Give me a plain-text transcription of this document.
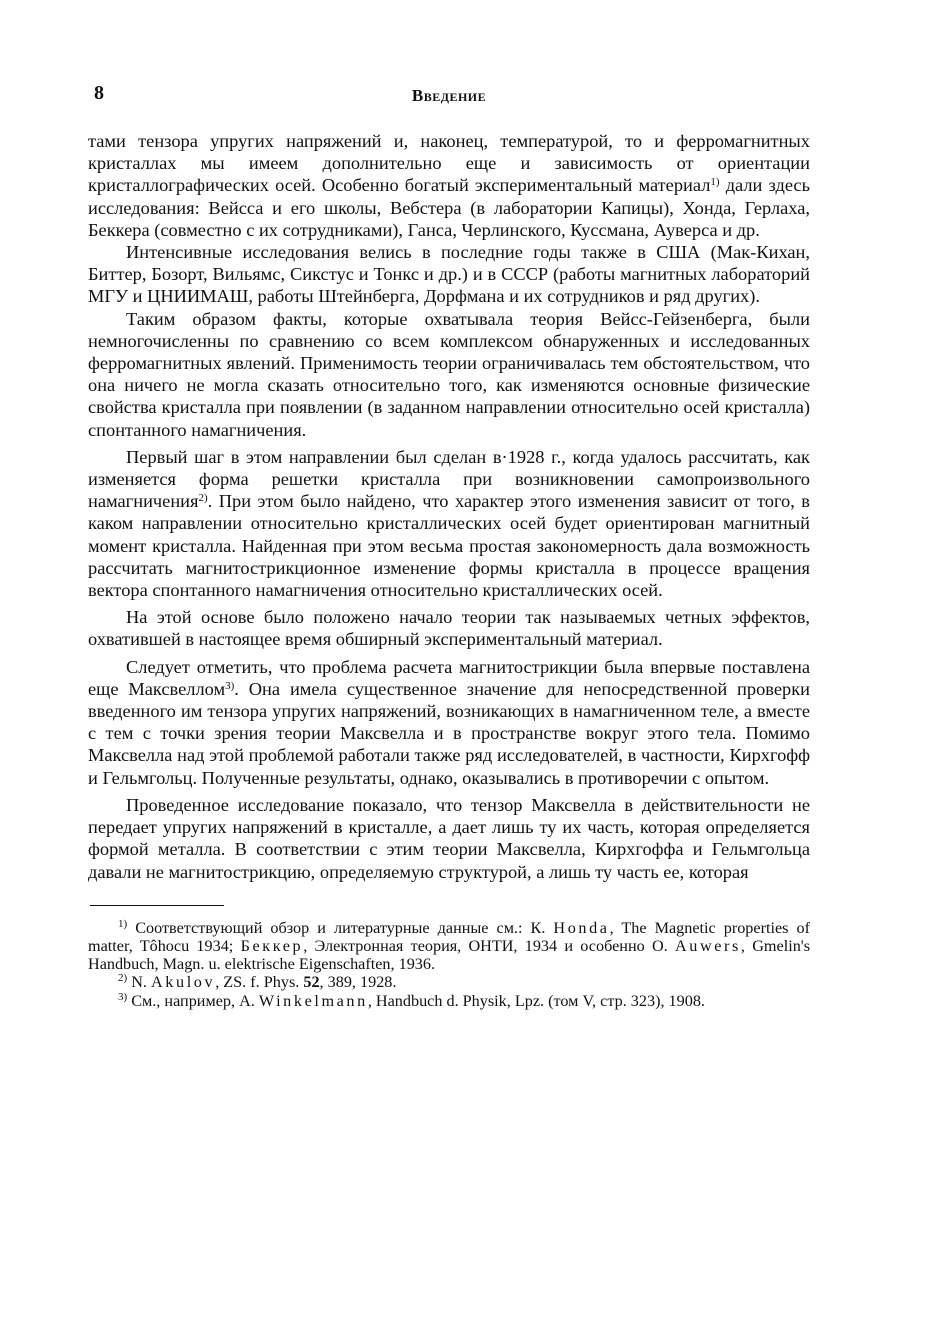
8	Введение

тами тензора упругих напряжений и, наконец, температурой, то и ферромагнитных кристаллах мы имеем дополнительно еще и зависимость от ориентации кристаллографических осей. Особенно богатый экспериментальный материал$^{1)}$ дали здесь исследования: Вейсса и его школы, Вебстера (в лаборатории Капицы), Хонда, Герлаха, Беккера (совместно с их сотрудниками), Ганса, Черлинского, Куссмана, Ауверса и др.

Интенсивные исследования велись в последние годы также в США (Мак-Кихан, Биттер, Бозорт, Вильямс, Сикстус и Тонкс и др.) и в СССР (работы магнитных лабораторий МГУ и ЦНИИМАШ, работы Штейнберга, Дорфмана и их сотрудников и ряд других).

Таким образом факты, которые охватывала теория Вейсс-Гейзенберга, были немногочисленны по сравнению со всем комплексом обнаруженных и исследованных ферромагнитных явлений. Применимость теории ограничивалась тем обстоятельством, что она ничего не могла сказать относительно того, как изменяются основные физические свойства кристалла при появлении (в заданном направлении относительно осей кристалла) спонтанного намагничения.

Первый шаг в этом направлении был сделан в·1928 г., когда удалось рассчитать, как изменяется форма решетки кристалла при возникновении самопроизвольного намагничения$^{2)}$. При этом было найдено, что характер этого изменения зависит от того, в каком направлении относительно кристаллических осей будет ориентирован магнитный момент кристалла. Найденная при этом весьма простая закономерность дала возможность рассчитать магнитострикционное изменение формы кристалла в процессе вращения вектора спонтанного намагничения относительно кристаллических осей.

На этой основе было положено начало теории так называемых четных эффектов, охватившей в настоящее время обширный экспериментальный материал.

Следует отметить, что проблема расчета магнитострикции была впервые поставлена еще Максвеллом$^{3)}$. Она имела существенное значение для непосредственной проверки введенного им тензора упругих напряжений, возникающих в намагниченном теле, а вместе с тем с точки зрения теории Максвелла и в пространстве вокруг этого тела. Помимо Максвелла над этой проблемой работали также ряд исследователей, в частности, Кирхгофф и Гельмгольц. Полученные результаты, однако, оказывались в противоречии с опытом.

Проведенное исследование показало, что тензор Максвелла в действительности не передает упругих напряжений в кристалле, а дает лишь ту их часть, которая определяется формой металла. В соответствии с этим теории Максвелла, Кирхгоффа и Гельмгольца давали не магнитострикцию, определяемую структурой, а лишь ту часть ее, которая

$^{1)}$ Соответствующий обзор и литературные данные см.: К. Honda, The Magnetic properties of matter, Tôhocu 1934; Беккер, Электронная теория, ОНТИ, 1934 и особенно O. Auwers, Gmelin's Handbuch, Magn. u. elektrische Eigenschaften, 1936.

$^{2)}$ N. Akulov, ZS. f. Phys. 52, 389, 1928.

$^{3)}$ См., например, A. Winkelmann, Handbuch d. Physik, Lpz. (том V, стр. 323), 1908.
